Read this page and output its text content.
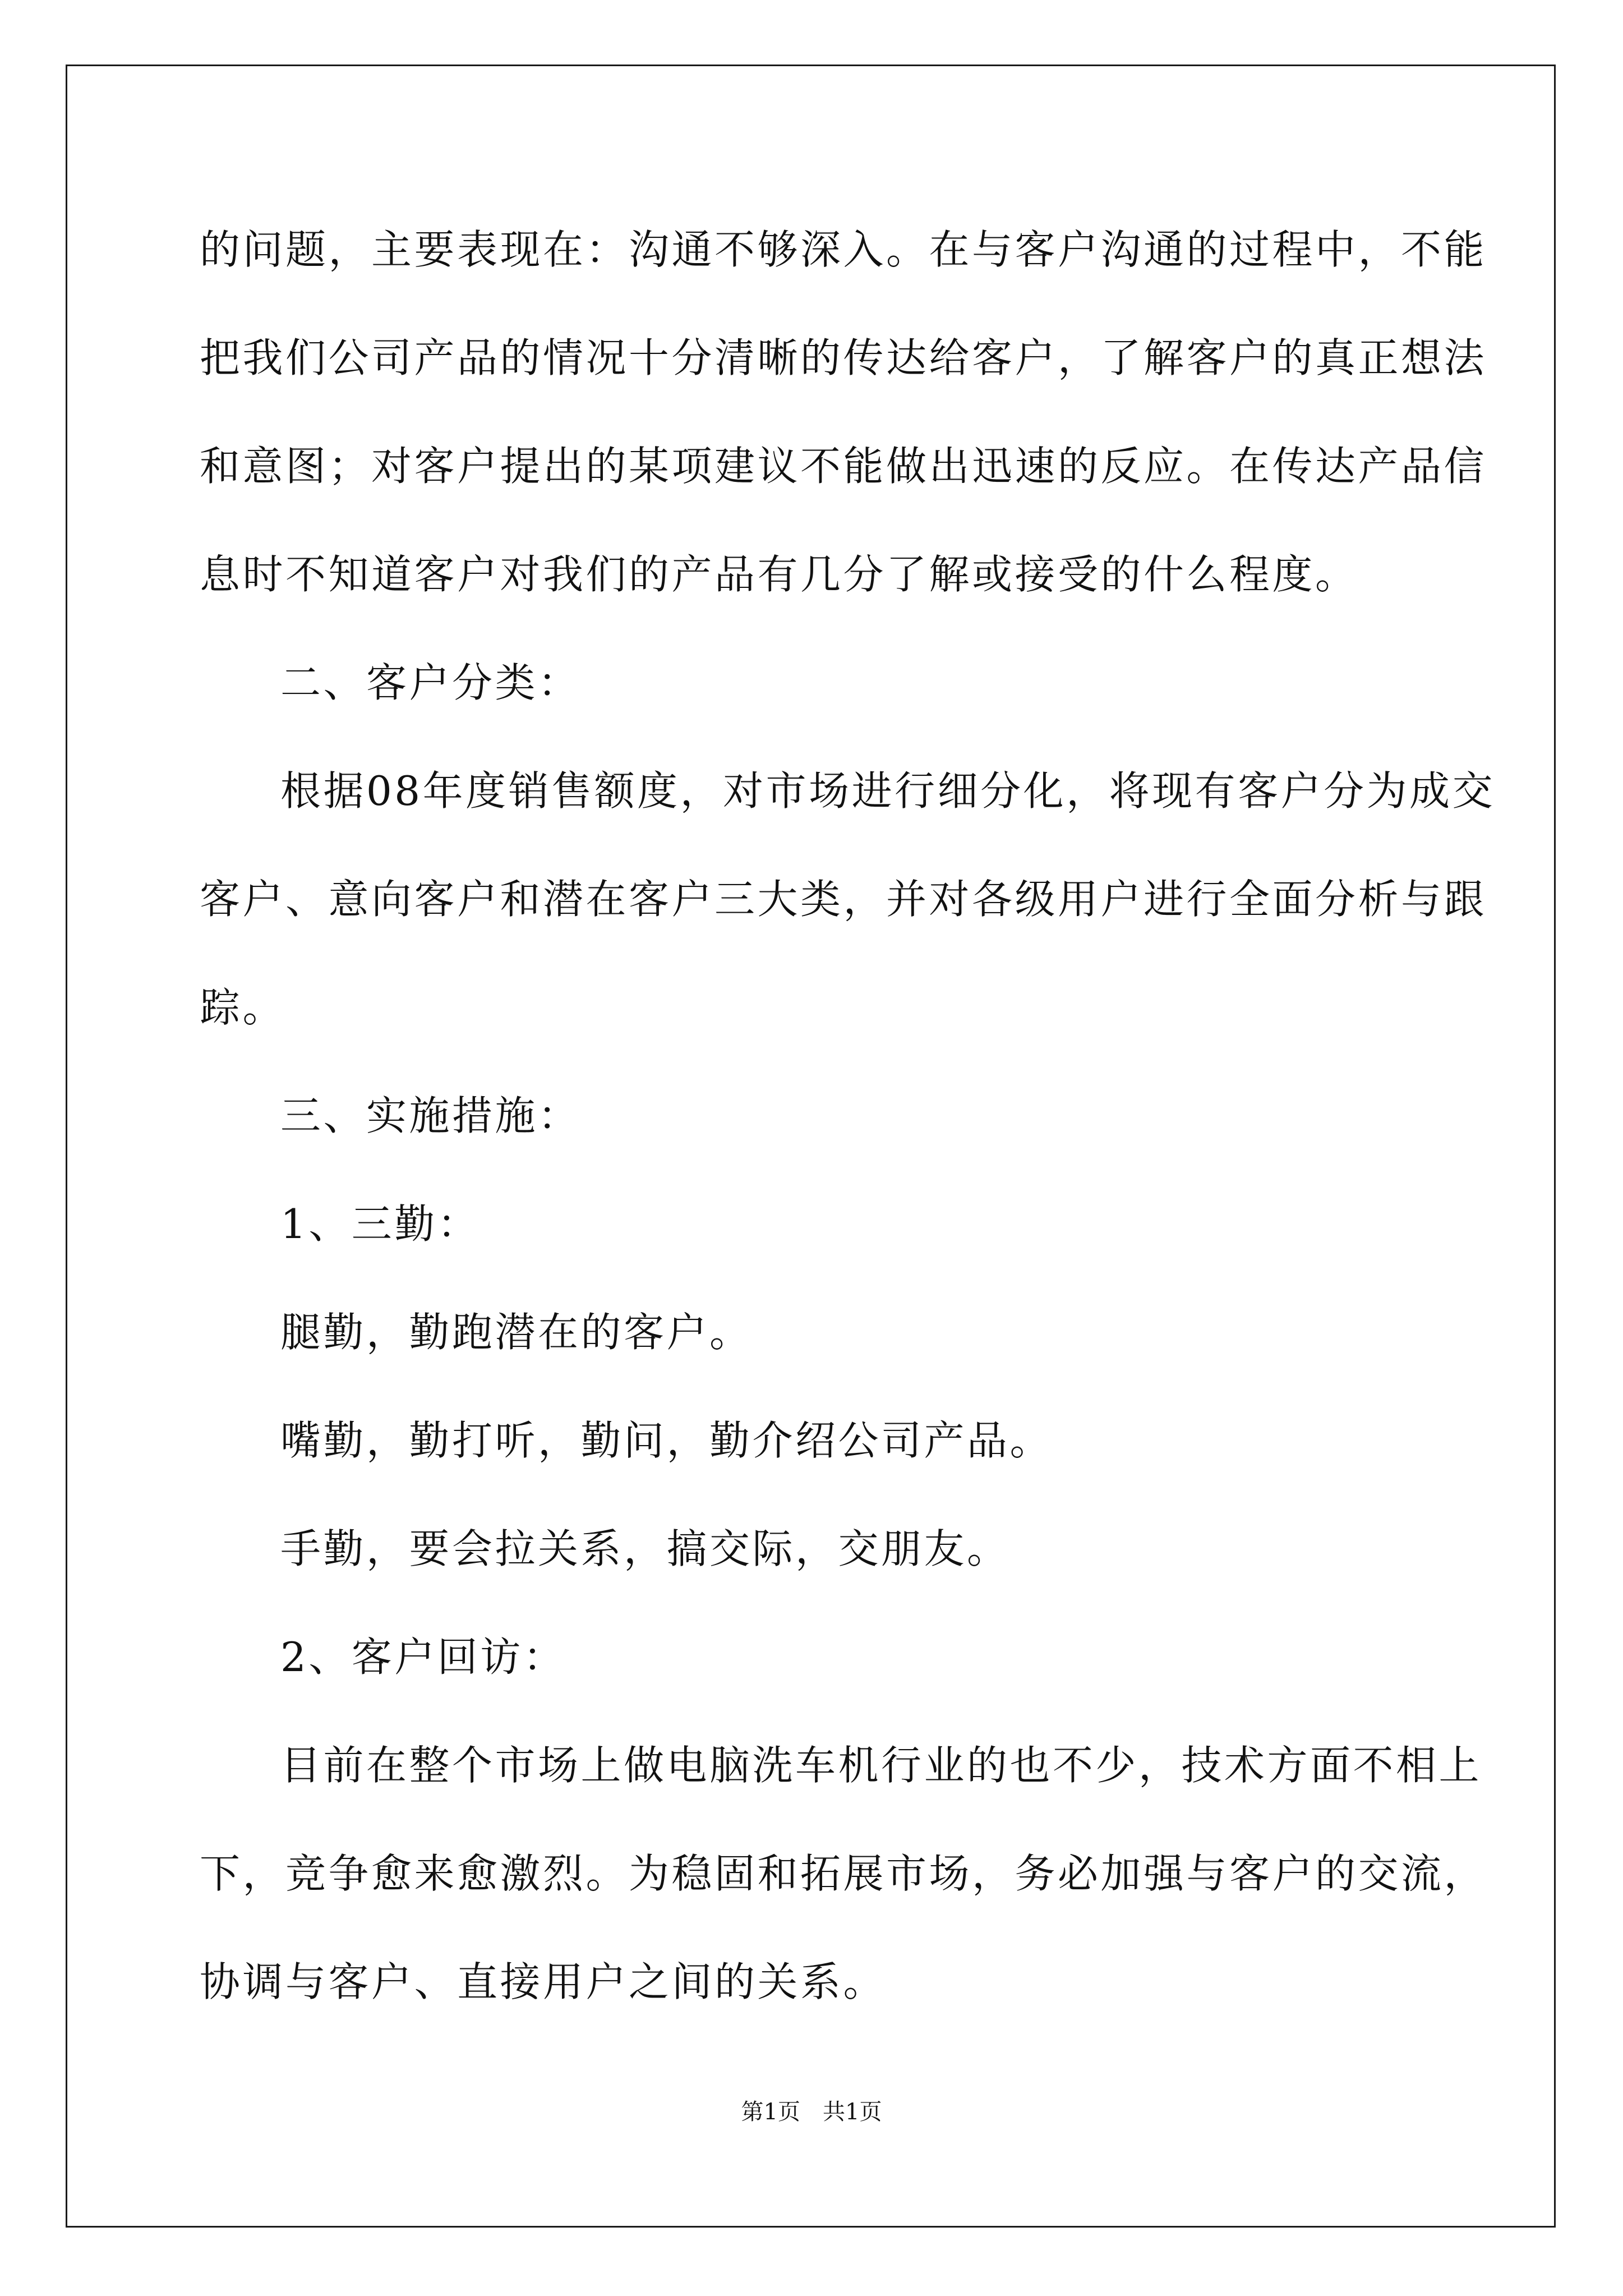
的问题，主要表现在：沟通不够深入。在与客户沟通的过程中，不能
把我们公司产品的情况十分清晰的传达给客户，了解客户的真正想法
和意图；对客户提出的某项建议不能做出迅速的反应。在传达产品信
息时不知道客户对我们的产品有几分了解或接受的什么程度。
二、客户分类：
根据08年度销售额度，对市场进行细分化，将现有客户分为成交
客户、意向客户和潜在客户三大类，并对各级用户进行全面分析与跟
踪。
三、实施措施：
1、三勤：
腿勤，勤跑潜在的客户。
嘴勤，勤打听，勤问，勤介绍公司产品。
手勤，要会拉关系，搞交际，交朋友。
2、客户回访：
目前在整个市场上做电脑洗车机行业的也不少，技术方面不相上
下，竞争愈来愈激烈。为稳固和拓展市场，务必加强与客户的交流，
协调与客户、直接用户之间的关系。
第1页 共1页
